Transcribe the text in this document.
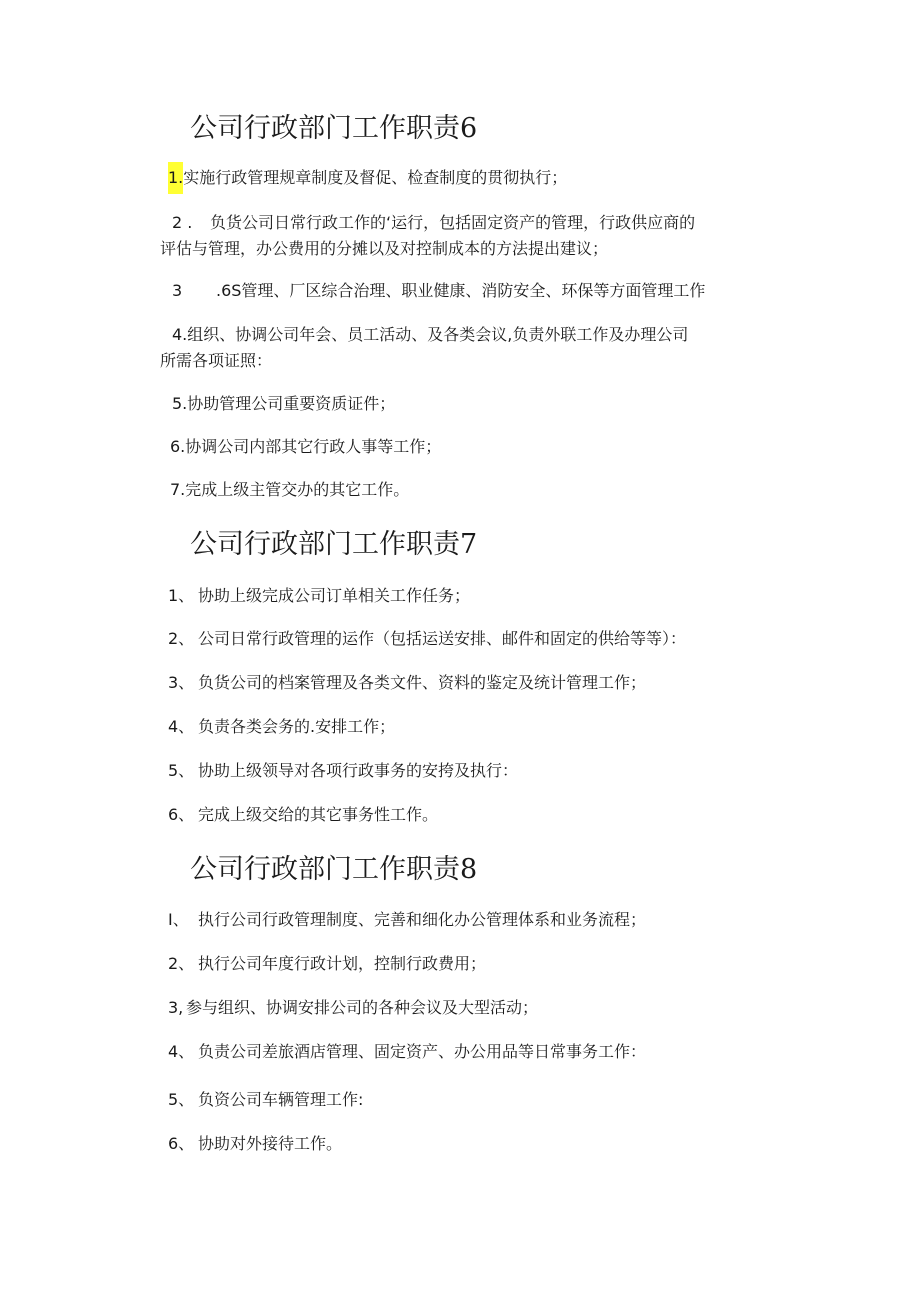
公司行政部门工作职责6
1.实施行政管理规章制度及督促、检查制度的贯彻执行；
2 . 负货公司日常行政工作的‘运行，包括固定资产的管理，行政供应商的
评估与管理，办公费用的分摊以及对控制成本的方法提出建议；
3 .6S管理、厂区综合治理、职业健康、消防安全、环保等方面管理工作
4.组织、协调公司年会、员工活动、及各类会议,负责外联工作及办理公司
所需各项证照：
5.协助管理公司重要资质证件；
6.协调公司内部其它行政人事等工作；
7.完成上级主管交办的其它工作。
公司行政部门工作职责7
1、 协助上级完成公司订单相关工作任务；
2、 公司日常行政管理的运作（包括运送安排、邮件和固定的供给等等）：
3、 负货公司的档案管理及各类文件、资料的鉴定及统计管理工作；
4、 负责各类会务的.安排工作；
5、 协助上级领导对各项行政事务的安挎及执行：
6、 完成上级交给的其它事务性工作。
公司行政部门工作职责8
I、 执行公司行政管理制度、完善和细化办公管理体系和业务流程；
2、 执行公司年度行政计划，控制行政费用；
3, 参与组织、协调安排公司的各种会议及大型活动；
4、 负责公司差旅酒店管理、固定资产、办公用品等日常事务工作：
5、 负资公司车辆管理工作:
6、 协助对外接待工作。
